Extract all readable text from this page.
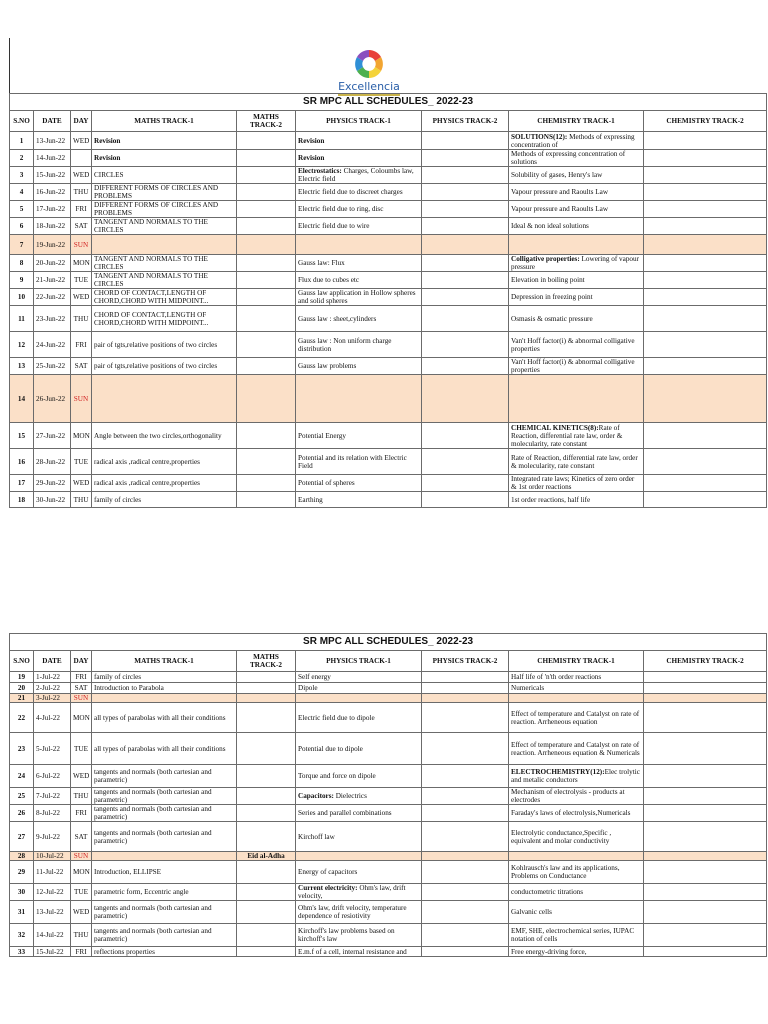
Excellencia
SR MPC ALL SCHEDULES_ 2022-23								
S.NO	DATE	DAY	MATHS TRACK-1	MATHS TRACK-2	PHYSICS TRACK-1	PHYSICS TRACK-2	CHEMISTRY TRACK-1	CHEMISTRY TRACK-2
1	13-Jun-22	WED	Revision		Revision		SOLUTIONS(12): Methods of expressing concentration of	
2	14-Jun-22		Revision		Revision		Methods of expressing concentration of solutions	
3	15-Jun-22	WED	CIRCLES		Electrostatics: Charges, Coloumbs law, Electric field		Solubility of gases, Henry's law	
4	16-Jun-22	THU	DIFFERENT FORMS OF CIRCLES AND PROBLEMS		Electric field due to discreet charges		Vapour pressure and Raoults Law	
5	17-Jun-22	FRI	DIFFERENT FORMS OF CIRCLES AND PROBLEMS		Electric field due to ring, disc		Vapour pressure and Raoults Law	
6	18-Jun-22	SAT	TANGENT AND NORMALS TO THE CIRCLES		Electric field due to wire		Ideal & non ideal solutions	
7	19-Jun-22	SUN						
8	20-Jun-22	MON	TANGENT AND NORMALS TO THE CIRCLES		Gauss law: Flux		Colligative properties: Lowering of vapour pressure	
9	21-Jun-22	TUE	TANGENT AND NORMALS TO THE CIRCLES		Flux due to cubes etc		Elevation in boiling point	
10	22-Jun-22	WED	CHORD OF CONTACT,LENGTH OF CHORD,CHORD WITH MIDPOINT...		Gauss law application in Hollow spheres and solid spheres		Depression in freezing point	
11	23-Jun-22	THU	CHORD OF CONTACT,LENGTH OF CHORD,CHORD WITH MIDPOINT...		Gauss law : sheet,cylinders		Osmasis & osmatic pressure	
12	24-Jun-22	FRI	pair of tgts,relative positions of two circles		Gauss law : Non uniform charge distribution		Van't Hoff factor(i) & abnormal colligative properties	
13	25-Jun-22	SAT	pair of tgts,relative positions of two circles		Gauss law problems		Van't Hoff factor(i) & abnormal colligative properties	
14	26-Jun-22	SUN						
15	27-Jun-22	MON	Angle between the two circles,orthogonality		Potential Energy		CHEMICAL KINETICS(8):Rate of Reaction, differential rate law, order & molecularity, rate constant	
16	28-Jun-22	TUE	radical axis ,radical centre,properties		Potential and its relation with Electric Field		Rate of Reaction, differential rate law, order & molecularity, rate constant	
17	29-Jun-22	WED	radical axis ,radical centre,properties		Potential of spheres		Integrated rate laws; Kinetics of zero order & 1st order reactions	
18	30-Jun-22	THU	family of circles		Earthing		1st order reactions, half life	
SR MPC ALL SCHEDULES_ 2022-23								
S.NO	DATE	DAY	MATHS TRACK-1	MATHS TRACK-2	PHYSICS TRACK-1	PHYSICS TRACK-2	CHEMISTRY TRACK-1	CHEMISTRY TRACK-2
19	1-Jul-22	FRI	family of circles		Self energy		Half life of 'n'th order reactions	
20	2-Jul-22	SAT	Introduction to Parabola		Dipole		Numericals	
21	3-Jul-22	SUN						
22	4-Jul-22	MON	all types of parabolas with all their conditions		Electric field due to dipole		Effect of temperature and Catalyst on rate of reaction. Arrheneous equation	
23	5-Jul-22	TUE	all types of parabolas with all their conditions		Potential due to dipole		Effect of temperature and Catalyst on rate of reaction. Arrheneous equation & Numericals	
24	6-Jul-22	WED	tangents and normals (both cartesian and parametric)		Torque and force on dipole		ELECTROCHEMISTRY(12):Elec trolytic and metalic conductors	
25	7-Jul-22	THU	tangents and normals (both cartesian and parametric)		Capacitors: Dielectrics		Mechanism of electrolysis - products at electrodes	
26	8-Jul-22	FRI	tangents and normals (both cartesian and parametric)		Series and parallel combinations		Faraday's laws of electrolysis,Numericals	
27	9-Jul-22	SAT	tangents and normals (both cartesian and parametric)		Kirchoff law		Electrolytic conductance,Specific , equivalent and molar conductivity	
28	10-Jul-22	SUN		Eid al-Adha				
29	11-Jul-22	MON	Introduction, ELLIPSE		Energy of capacitors		Kohlrausch's law and its applications, Problems on Conductance	
30	12-Jul-22	TUE	parametric form, Eccentric angle		Current electricity: Ohm's law, drift velocity,		conductometric titrations	
31	13-Jul-22	WED	tangents and normals (both cartesian and parametric)		Ohm's law, drift velocity, temperature dependence of resiotivity		Galvanic cells	
32	14-Jul-22	THU	tangents and normals (both cartesian and parametric)		Kirchoff's law problems based on kirchoff's law		EMF, SHE, electrochemical series, IUPAC notation of cells	
33	15-Jul-22	FRI	reflections properties		E.m.f of a cell, internal resistance and		Free energy-driving force,	
